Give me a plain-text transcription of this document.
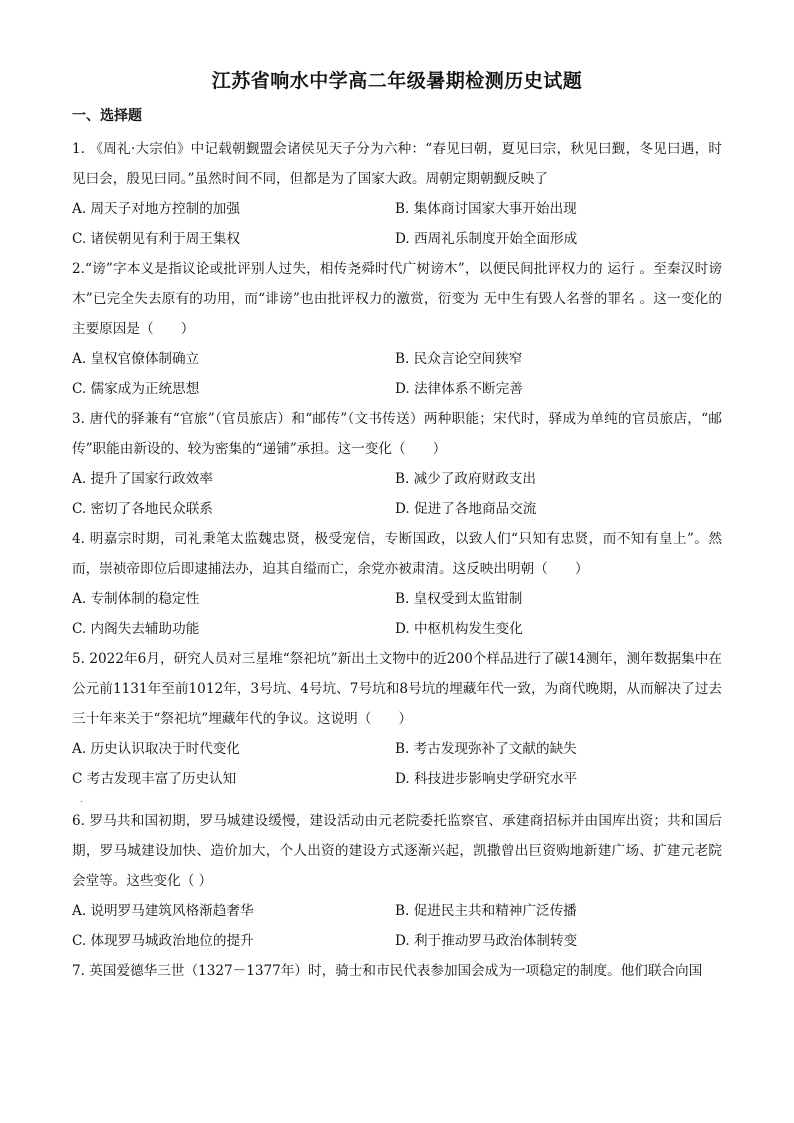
江苏省响水中学高二年级暑期检测历史试题
一、选择题

1. 《周礼·大宗伯》中记载朝觐盟会诸侯见天子分为六种：“春见曰朝，夏见曰宗，秋见曰觐，冬见曰遇，时见曰会，殷见曰同。”虽然时间不同，但都是为了国家大政。周朝定期朝觐反映了

A. 周天子对地方控制的加强	B. 集体商讨国家大事开始出现
C. 诸侯朝见有利于周王集权	D. 西周礼乐制度开始全面形成

2.“谤”字本义是指议论或批评别人过失，相传尧舜时代广树谤木”，以便民间批评权力的 运行 。至秦汉时谤木”已完全失去原有的功用，而“诽谤”也由批评权力的激赏，衍变为 无中生有毁人名誉的罪名 。这一变化的主要原因是（　　）

A. 皇权官僚体制确立	B. 民众言论空间狭窄
C. 儒家成为正统思想	D. 法律体系不断完善

3. 唐代的驿兼有“官旅”（官员旅店）和“邮传”（文书传送）两种职能；宋代时，驿成为单纯的官员旅店，“邮传”职能由新设的、较为密集的“递铺”承担。这一变化（　　）

A. 提升了国家行政效率	B. 减少了政府财政支出
C. 密切了各地民众联系	D. 促进了各地商品交流

4. 明嘉宗时期，司礼秉笔太监魏忠贤，极受宠信，专断国政，以致人们“只知有忠贤，而不知有皇上”。然而，崇祯帝即位后即逮捕法办，迫其自缢而亡，余党亦被肃清。这反映出明朝（　　）

A. 专制体制的稳定性	B. 皇权受到太监钳制
C. 内阁失去辅助功能	D. 中枢机构发生变化

5. 2022年6月，研究人员对三星堆“祭祀坑”新出土文物中的近200个样品进行了碳14测年，测年数据集中在公元前1131年至前1012年，3号坑、4号坑、7号坑和8号坑的埋藏年代一致，为商代晚期，从而解决了过去三十年来关于“祭祀坑”埋藏年代的争议。这说明（　　）

A. 历史认识取决于时代变化	B. 考古发现弥补了文献的缺失
C 考古发现丰富了历史认知	D. 科技进步影响史学研究水平
.

6. 罗马共和国初期，罗马城建设缓慢，建设活动由元老院委托监察官、承建商招标并由国库出资；共和国后期，罗马城建设加快、造价加大，个人出资的建设方式逐渐兴起，凯撒曾出巨资购地新建广场、扩建元老院会堂等。这些变化（ ）

A. 说明罗马建筑风格渐趋奢华	B. 促进民主共和精神广泛传播
C. 体现罗马城政治地位的提升	D. 利于推动罗马政治体制转变

7. 英国爱德华三世（1327－1377年）时，骑士和市民代表参加国会成为一项稳定的制度。他们联合向国
